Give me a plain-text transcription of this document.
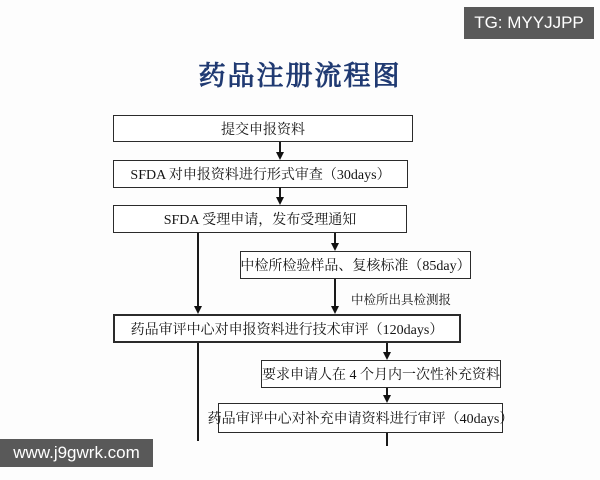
TG: MYYJJPP
药品注册流程图
提交申报资料
SFDA 对申报资料进行形式审查（30days）
SFDA 受理申请，发布受理通知
中检所检验样品、复核标准（85day）
药品审评中心对申报资料进行技术审评（120days）
要求申请人在 4 个月内一次性补充资料
药品审评中心对补充申请资料进行审评（40days）
中检所出具检测报
www.j9gwrk.com
